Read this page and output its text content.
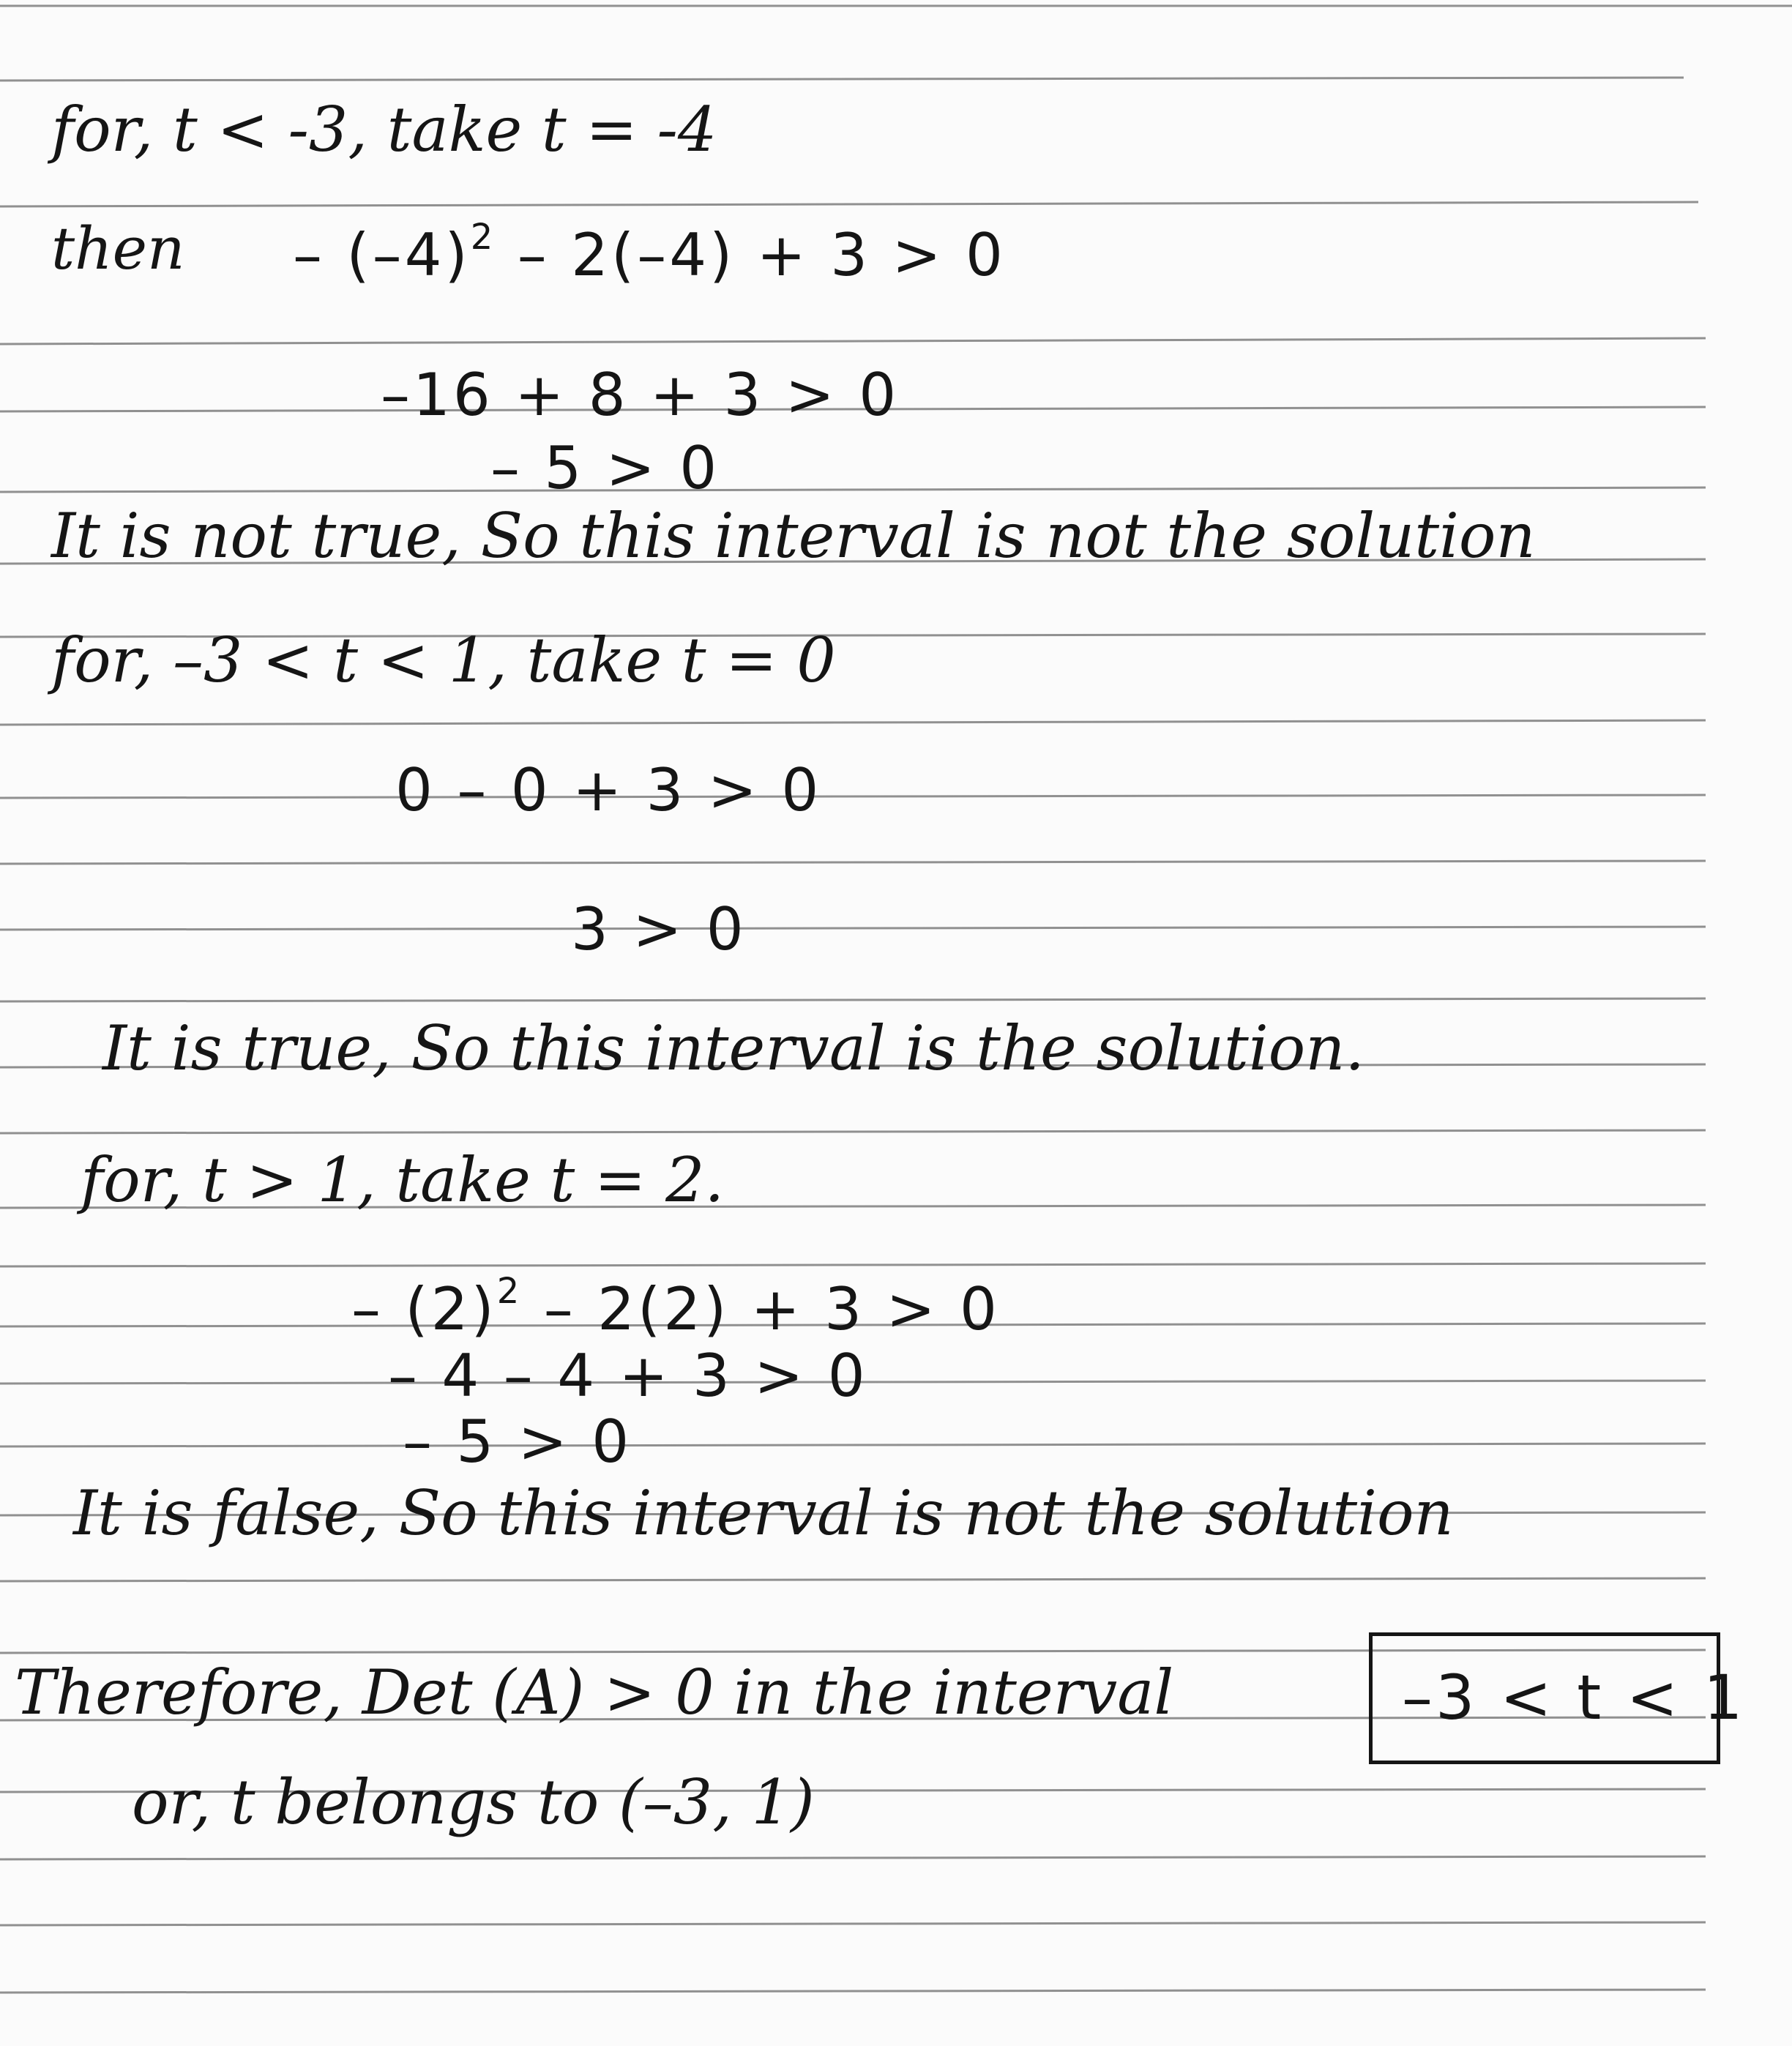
for, t < -3, take t = -4
then – $(-4)^2 - 2(-4) + 3 > 0$
–16 + 8 + 3 > 0
– 5 > 0
It is not true, So this interval is not the solution
for, –3 < t < 1, take t = 0
0 – 0 + 3 > 0
3 > 0
It is true, So this interval is the solution.
for, t > 1, take t = 2.
– $(2)^2 - 2(2) + 3 > 0$
– 4 – 4 + 3 > 0
– 5 > 0
It is false, So this interval is not the solution
Therefore, Det (A) > 0 in the interval	–3 < t < 1
or, t belongs to (–3, 1)
